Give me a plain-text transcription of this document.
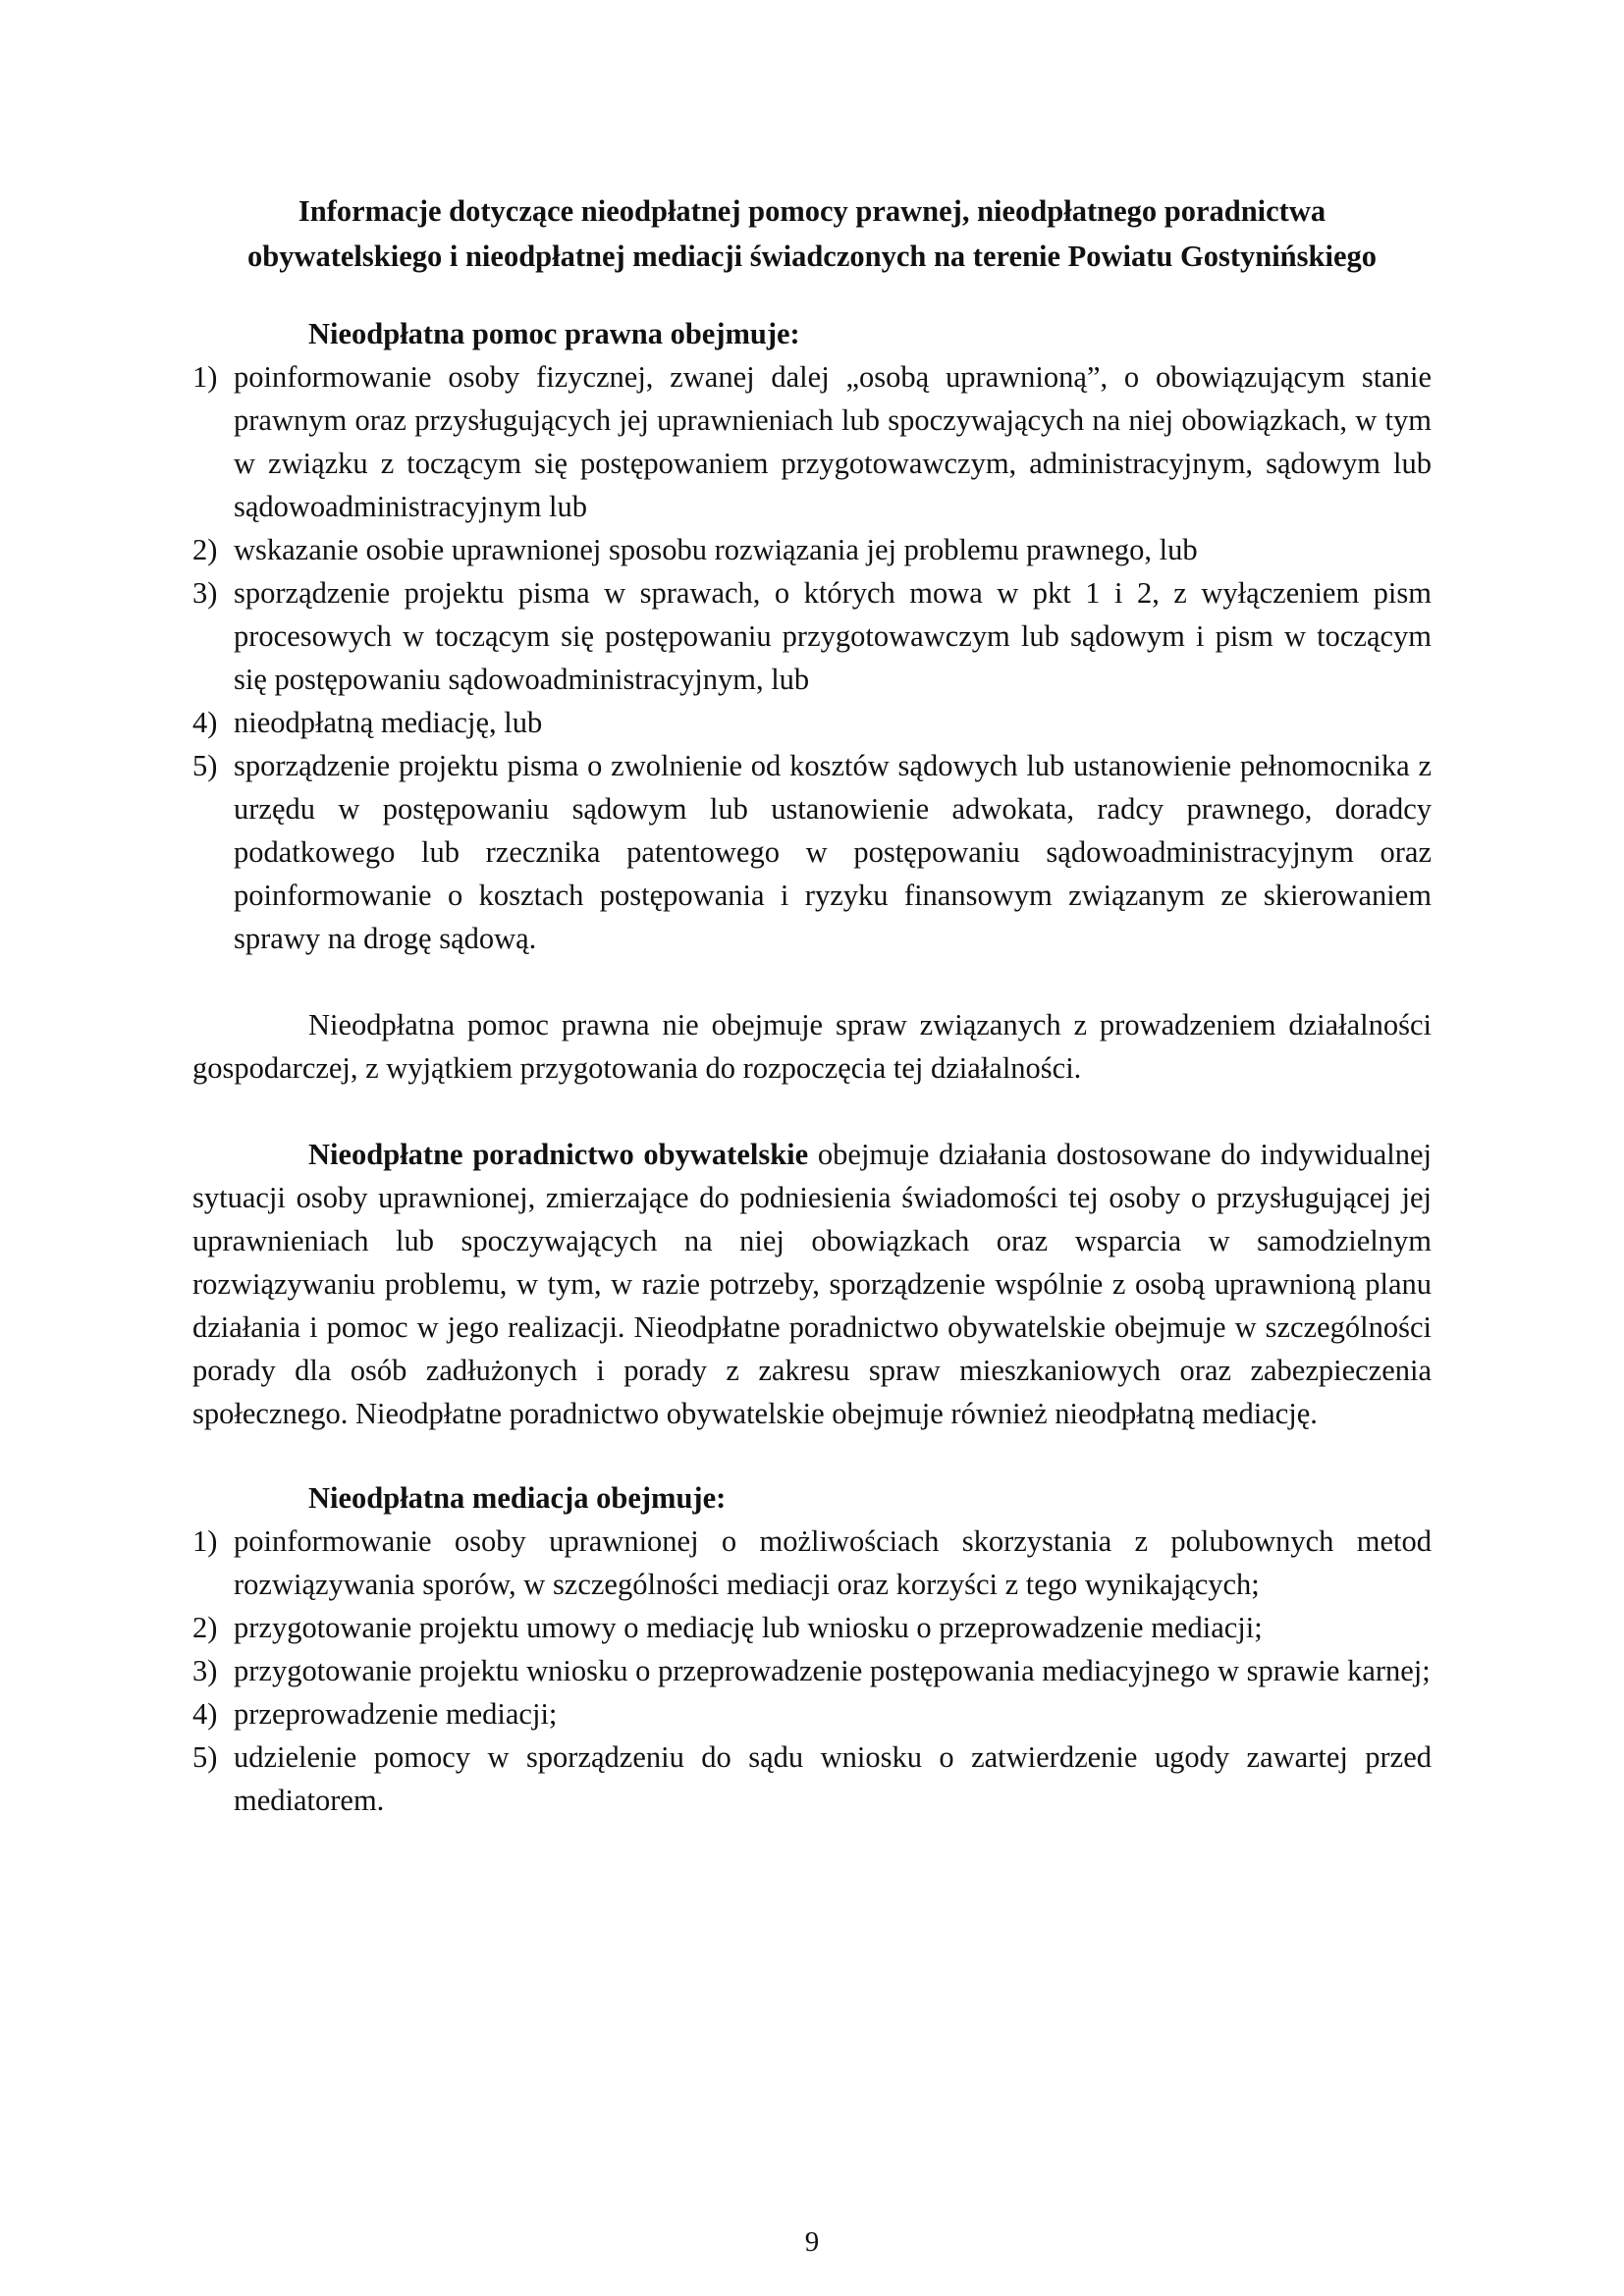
Informacje dotyczące nieodpłatnej pomocy prawnej, nieodpłatnego poradnictwa
obywatelskiego i nieodpłatnej mediacji świadczonych na terenie Powiatu Gostynińskiego
Nieodpłatna pomoc prawna obejmuje:
1) poinformowanie osoby fizycznej, zwanej dalej „osobą uprawnioną”, o obowiązującym stanie prawnym oraz przysługujących jej uprawnieniach lub spoczywających na niej obowiązkach, w tym w związku z toczącym się postępowaniem przygotowawczym, administracyjnym, sądowym lub sądowoadministracyjnym lub
2) wskazanie osobie uprawnionej sposobu rozwiązania jej problemu prawnego, lub
3) sporządzenie projektu pisma w sprawach, o których mowa w pkt 1 i 2, z wyłączeniem pism procesowych w toczącym się postępowaniu przygotowawczym lub sądowym i pism w toczącym się postępowaniu sądowoadministracyjnym, lub
4) nieodpłatną mediację, lub
5) sporządzenie projektu pisma o zwolnienie od kosztów sądowych lub ustanowienie pełnomocnika z urzędu w postępowaniu sądowym lub ustanowienie adwokata, radcy prawnego, doradcy podatkowego lub rzecznika patentowego w postępowaniu sądowoadministracyjnym oraz poinformowanie o kosztach postępowania i ryzyku finansowym związanym ze skierowaniem sprawy na drogę sądową.

Nieodpłatna pomoc prawna nie obejmuje spraw związanych z prowadzeniem działalności gospodarczej, z wyjątkiem przygotowania do rozpoczęcia tej działalności.

Nieodpłatne poradnictwo obywatelskie obejmuje działania dostosowane do indywidualnej sytuacji osoby uprawnionej, zmierzające do podniesienia świadomości tej osoby o przysługującej jej uprawnieniach lub spoczywających na niej obowiązkach oraz wsparcia w samodzielnym rozwiązywaniu problemu, w tym, w razie potrzeby, sporządzenie wspólnie z osobą uprawnioną planu działania i pomoc w jego realizacji. Nieodpłatne poradnictwo obywatelskie obejmuje w szczególności porady dla osób zadłużonych i porady z zakresu spraw mieszkaniowych oraz zabezpieczenia społecznego. Nieodpłatne poradnictwo obywatelskie obejmuje również nieodpłatną mediację.

Nieodpłatna mediacja obejmuje:
1) poinformowanie osoby uprawnionej o możliwościach skorzystania z polubownych metod rozwiązywania sporów, w szczególności mediacji oraz korzyści z tego wynikających;
2) przygotowanie projektu umowy o mediację lub wniosku o przeprowadzenie mediacji;
3) przygotowanie projektu wniosku o przeprowadzenie postępowania mediacyjnego w sprawie karnej;
4) przeprowadzenie mediacji;
5) udzielenie pomocy w sporządzeniu do sądu wniosku o zatwierdzenie ugody zawartej przed mediatorem.
9
